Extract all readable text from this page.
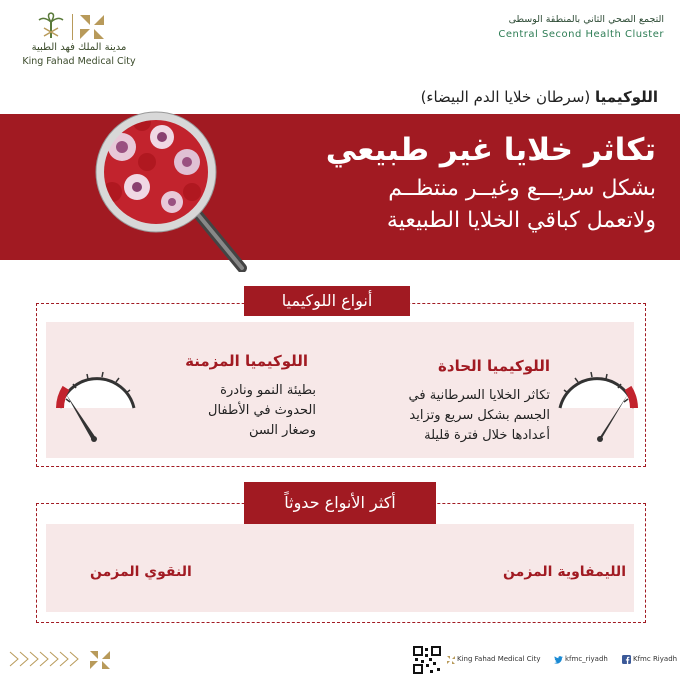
مدينة الملك فهد الطبية
King Fahad Medical City
التجمع الصحي الثاني بالمنطقة الوسطى
Central Second Health Cluster
اللوكيميا (سرطان خلايا الدم البيضاء)
تكاثر خلايا غير طبيعي
بشكل سريـــع وغيــر منتظــم
ولاتعمل كباقي الخلايا الطبيعية
أنواع اللوكيميا
اللوكيميا المزمنة
بطيئة النمو ونادرة
الحدوث في الأطفال
وصغار السن
اللوكيميا الحادة
تكاثر الخلايا السرطانية في
الجسم بشكل سريع وتزايد
أعدادها خلال فترة قليلة
أكثر الأنواع حدوثاً
الليمفاوية المزمن
النقوي المزمن
King Fahad Medical City	kfmc_riyadh	Kfmc Riyadh
